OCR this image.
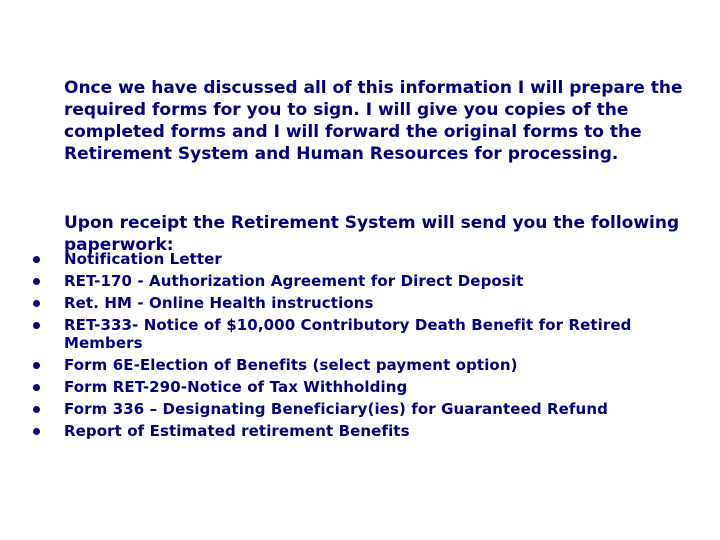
Once we have discussed all of this information I will prepare the required forms for you to sign. I will give you copies of the completed forms and I will forward the original forms to the Retirement System and Human Resources for processing.

Upon receipt the Retirement System will send you the following paperwork:

Notification Letter
RET-170 - Authorization Agreement for Direct Deposit
Ret. HM - Online Health instructions
RET-333- Notice of $10,000 Contributory Death Benefit for Retired Members
Form 6E-Election of Benefits (select payment option)
Form RET-290-Notice of Tax Withholding
Form 336 – Designating Beneficiary(ies) for Guaranteed Refund
Report of Estimated retirement Benefits
